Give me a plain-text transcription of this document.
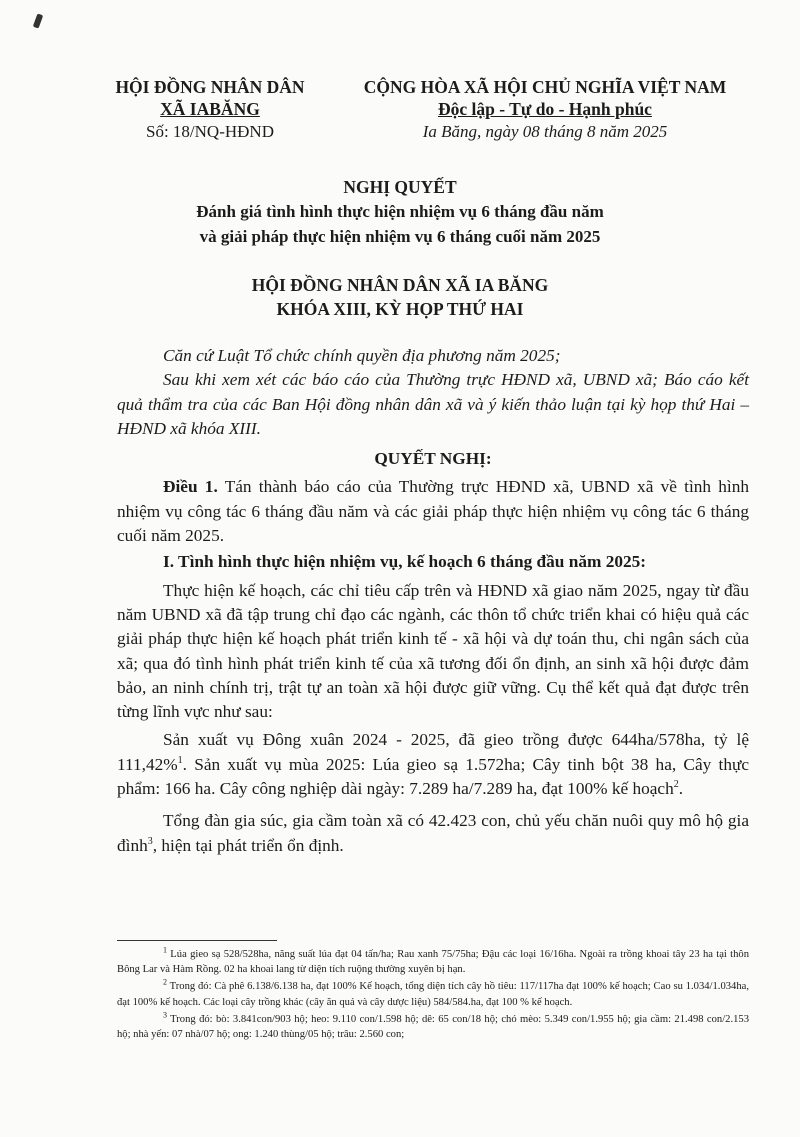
HỘI ĐỒNG NHÂN DÂN
XÃ IABĂNG
Số: 18/NQ-HĐND
CỘNG HÒA XÃ HỘI CHỦ NGHĨA VIỆT NAM
Độc lập - Tự do - Hạnh phúc
Ia Băng, ngày 08 tháng 8 năm 2025
NGHỊ QUYẾT
Đánh giá tình hình thực hiện nhiệm vụ 6 tháng đầu năm
và giải pháp thực hiện nhiệm vụ 6 tháng cuối năm 2025
HỘI ĐỒNG NHÂN DÂN XÃ IA BĂNG
KHÓA XIII, KỲ HỌP THỨ HAI

Căn cứ Luật Tổ chức chính quyền địa phương năm 2025;

Sau khi xem xét các báo cáo của Thường trực HĐND xã, UBND xã; Báo cáo kết quả thẩm tra của các Ban Hội đồng nhân dân xã và ý kiến thảo luận tại kỳ họp thứ Hai – HĐND xã khóa XIII.

QUYẾT NGHỊ:

Điều 1. Tán thành báo cáo của Thường trực HĐND xã, UBND xã về tình hình nhiệm vụ công tác 6 tháng đầu năm và các giải pháp thực hiện nhiệm vụ công tác 6 tháng cuối năm 2025.

I. Tình hình thực hiện nhiệm vụ, kế hoạch 6 tháng đầu năm 2025:

Thực hiện kế hoạch, các chỉ tiêu cấp trên và HĐND xã giao năm 2025, ngay từ đầu năm UBND xã đã tập trung chỉ đạo các ngành, các thôn tổ chức triển khai có hiệu quả các giải pháp thực hiện kế hoạch phát triển kinh tế - xã hội và dự toán thu, chi ngân sách của xã; qua đó tình hình phát triển kinh tế của xã tương đối ổn định, an sinh xã hội được đảm bảo, an ninh chính trị, trật tự an toàn xã hội được giữ vững. Cụ thể kết quả đạt được trên từng lĩnh vực như sau:

Sản xuất vụ Đông xuân 2024 - 2025, đã gieo trồng được 644ha/578ha, tỷ lệ 111,42%$^1$. Sản xuất vụ mùa 2025: Lúa gieo sạ 1.572ha; Cây tinh bột 38 ha, Cây thực phẩm: 166 ha. Cây công nghiệp dài ngày: 7.289 ha/7.289 ha, đạt 100% kế hoạch$^2$.

Tổng đàn gia súc, gia cầm toàn xã có 42.423 con, chủ yếu chăn nuôi quy mô hộ gia đình$^3$, hiện tại phát triển ổn định.

$^1$ Lúa gieo sạ 528/528ha, năng suất lúa đạt 04 tấn/ha; Rau xanh 75/75ha; Đậu các loại 16/16ha. Ngoài ra trồng khoai tây 23 ha tại thôn Bông Lar và Hàm Rồng. 02 ha khoai lang từ diện tích ruộng thường xuyên bị hạn.

$^2$ Trong đó: Cà phê 6.138/6.138 ha, đạt 100% Kế hoạch, tổng diện tích cây hồ tiêu: 117/117ha đạt 100% kế hoạch; Cao su 1.034/1.034ha, đạt 100% kế hoạch. Các loại cây trồng khác (cây ăn quả và cây dược liệu) 584/584.ha, đạt 100 % kế hoạch.

$^3$ Trong đó: bò: 3.841con/903 hộ; heo: 9.110 con/1.598 hộ; dê: 65 con/18 hộ; chó mèo: 5.349 con/1.955 hộ; gia cầm: 21.498 con/2.153 hộ; nhà yến: 07 nhà/07 hộ; ong: 1.240 thùng/05 hộ; trâu: 2.560 con;
